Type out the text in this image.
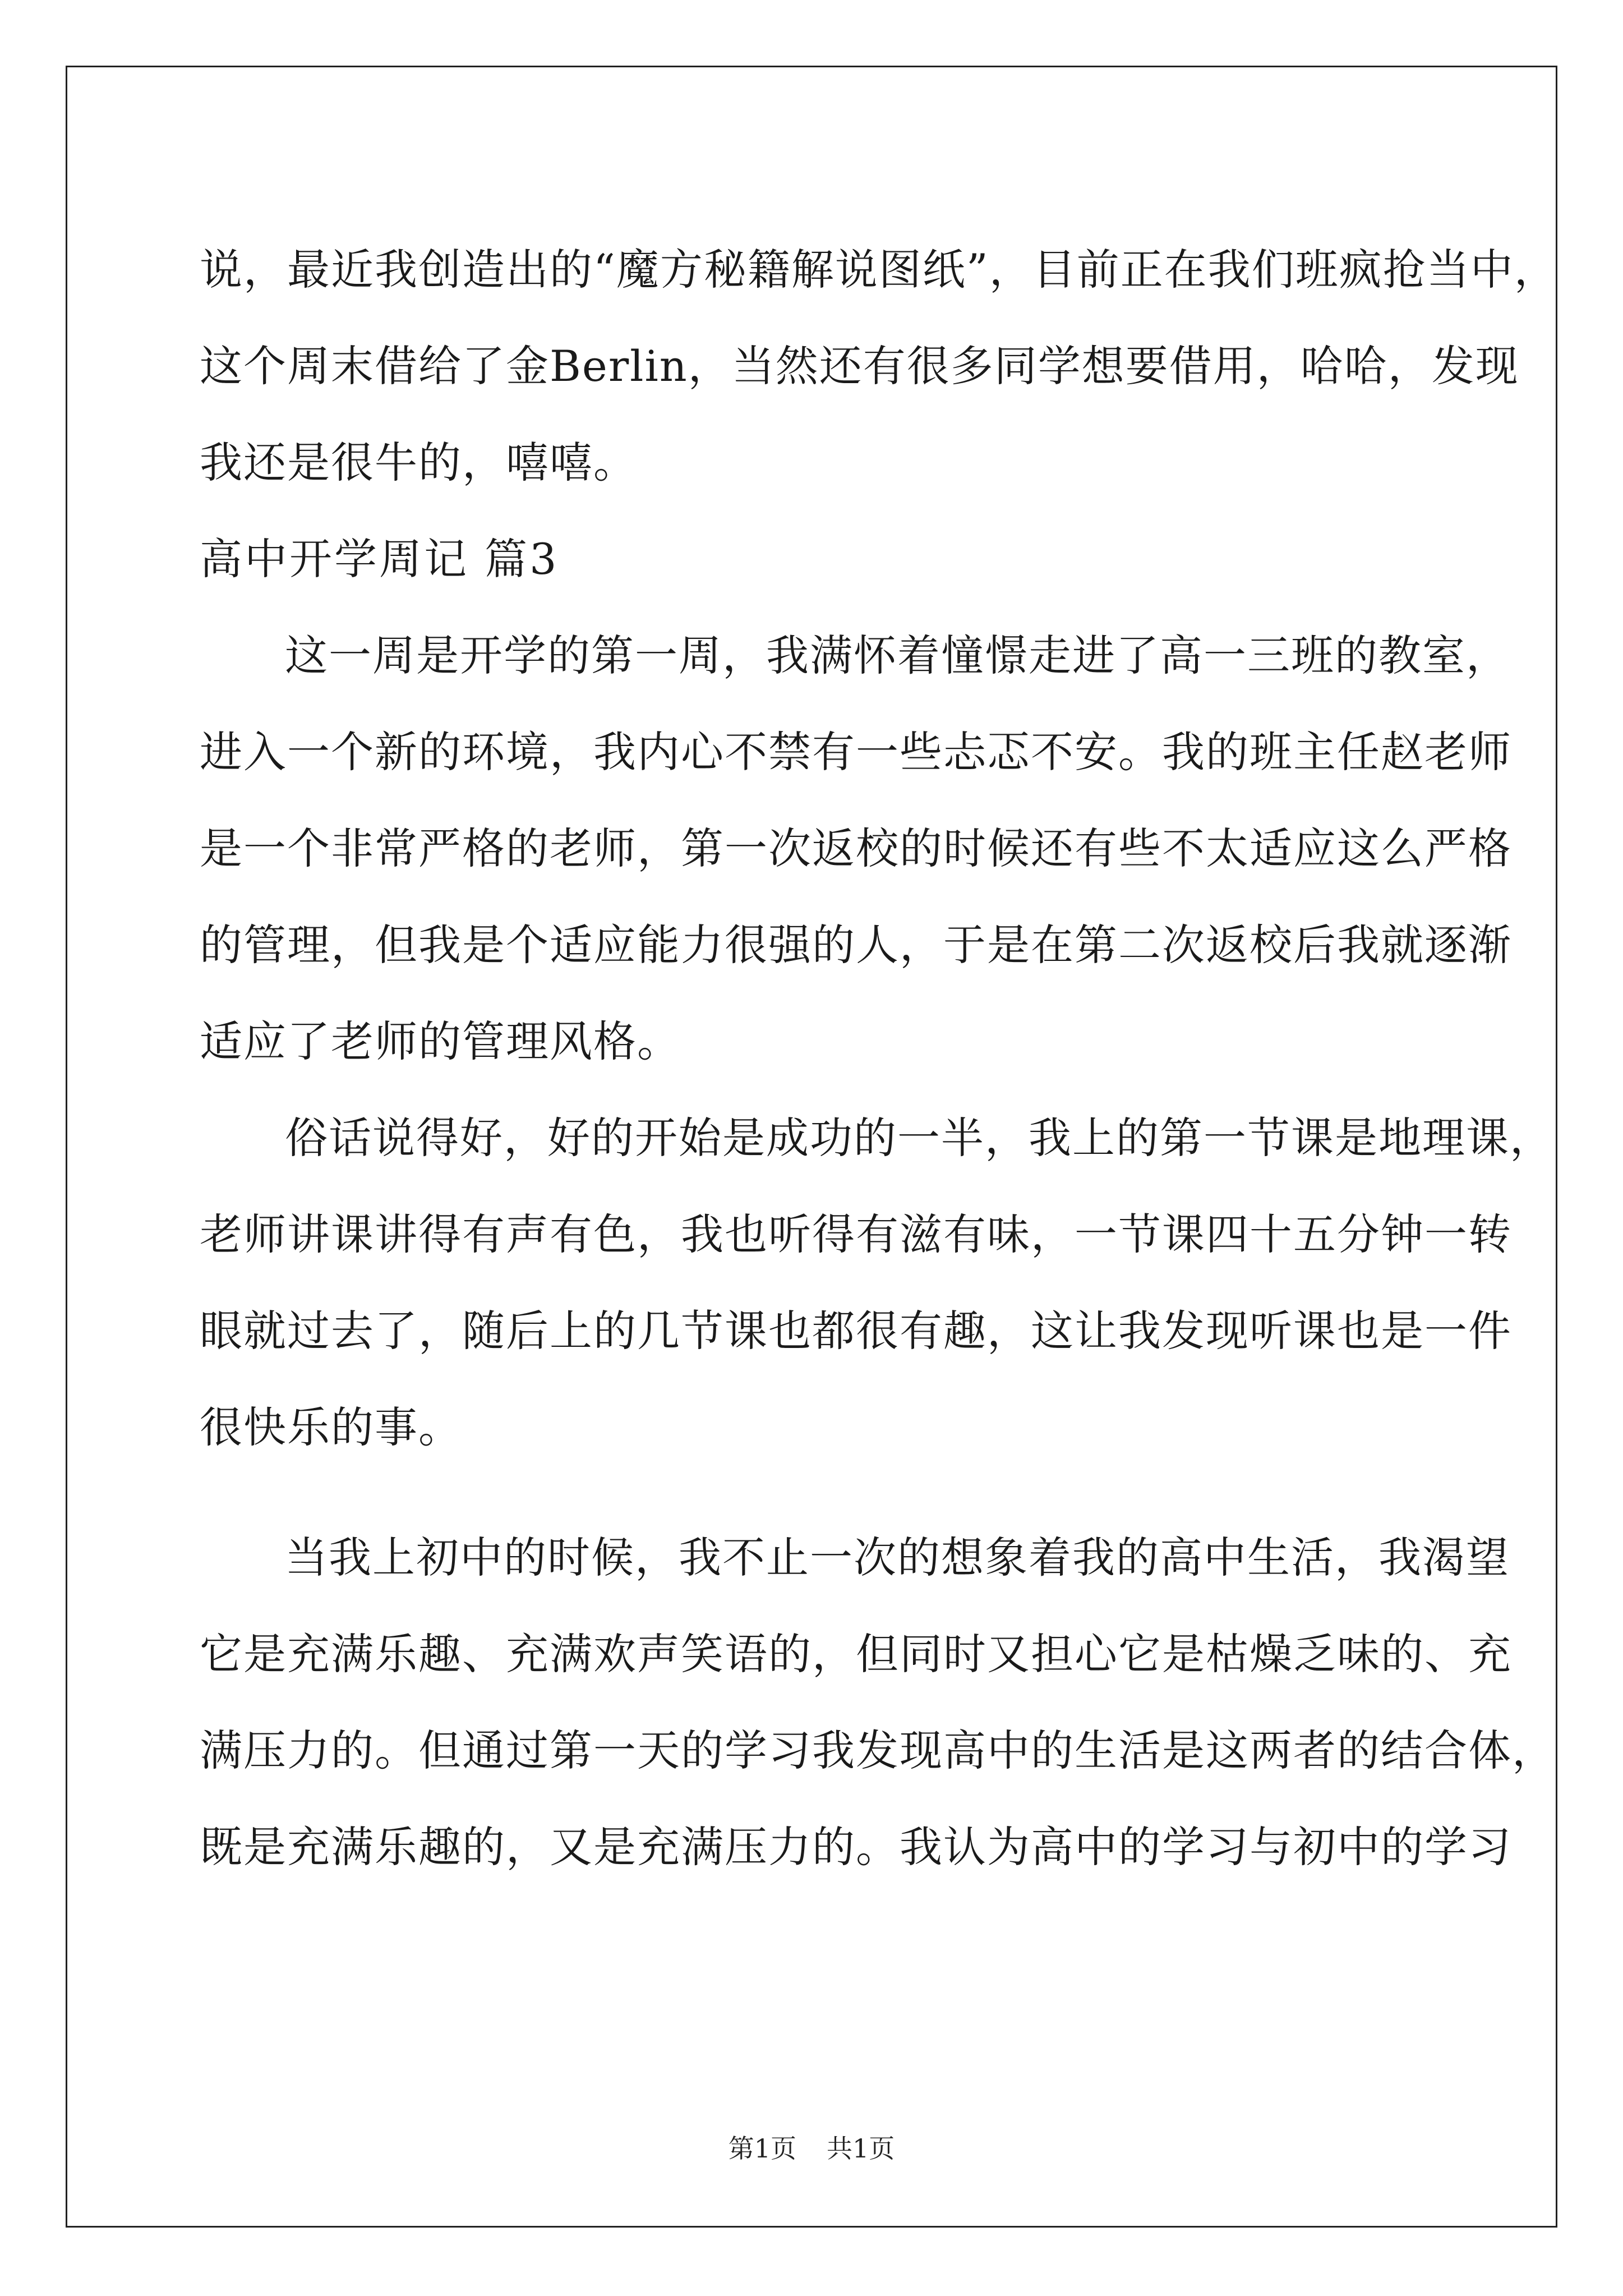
说，最近我创造出的“魔方秘籍解说图纸”，目前正在我们班疯抢当中，
这个周末借给了金Berlin，当然还有很多同学想要借用，哈哈，发现
我还是很牛的，嘻嘻。
高中开学周记 篇3
这一周是开学的第一周，我满怀着憧憬走进了高一三班的教室，
进入一个新的环境，我内心不禁有一些忐忑不安。我的班主任赵老师
是一个非常严格的老师，第一次返校的时候还有些不太适应这么严格
的管理，但我是个适应能力很强的人，于是在第二次返校后我就逐渐
适应了老师的管理风格。
俗话说得好，好的开始是成功的一半，我上的第一节课是地理课，
老师讲课讲得有声有色，我也听得有滋有味，一节课四十五分钟一转
眼就过去了，随后上的几节课也都很有趣，这让我发现听课也是一件
很快乐的事。
当我上初中的时候，我不止一次的想象着我的高中生活，我渴望
它是充满乐趣、充满欢声笑语的，但同时又担心它是枯燥乏味的、充
满压力的。但通过第一天的学习我发现高中的生活是这两者的结合体，
既是充满乐趣的，又是充满压力的。我认为高中的学习与初中的学习
第1页 共1页
